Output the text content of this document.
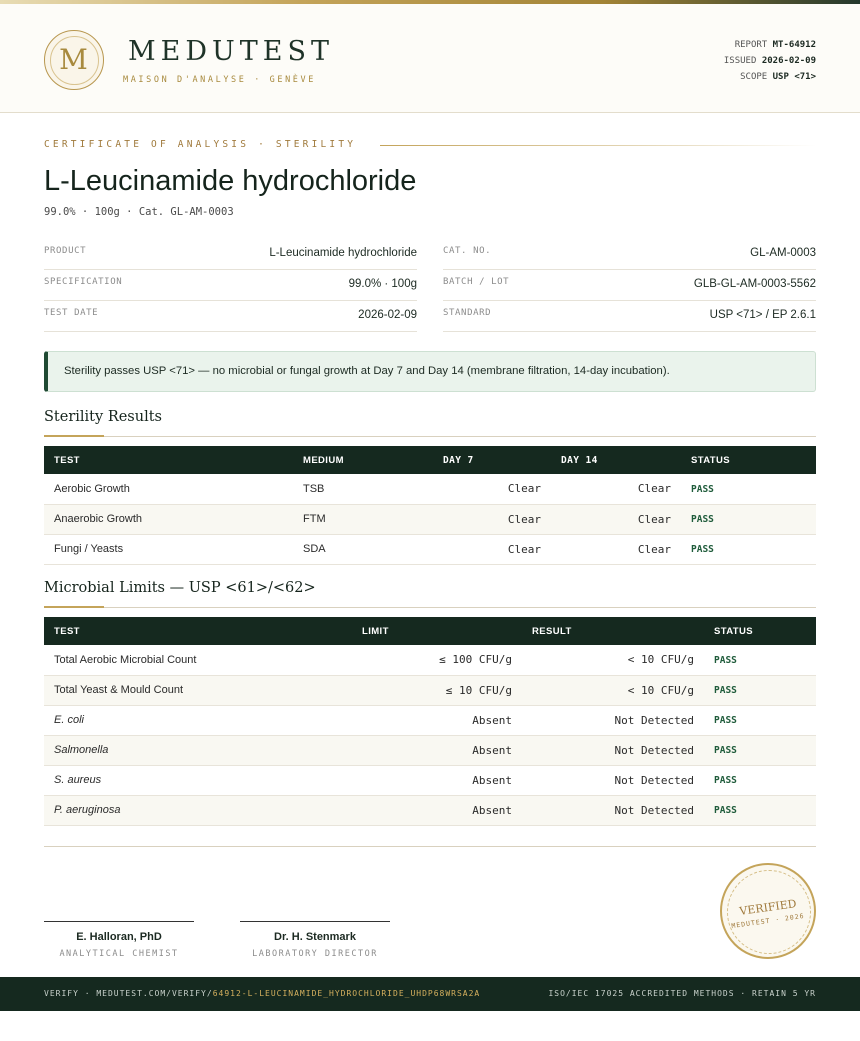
M	MEDUTEST
MAISON D'ANALYSE · GENÈVE
REPORT MT-64912
ISSUED 2026-02-09
SCOPE USP <71>
CERTIFICATE OF ANALYSIS · STERILITY
L-Leucinamide hydrochloride
99.0% · 100g · Cat. GL-AM-0003
PRODUCT	L-Leucinamide hydrochloride
SPECIFICATION	99.0% · 100g
TEST DATE	2026-02-09
CAT. NO.	GL-AM-0003
BATCH / LOT	GLB-GL-AM-0003-5562
STANDARD	USP <71> / EP 2.6.1
Sterility passes USP <71> — no microbial or fungal growth at Day 7 and Day 14 (membrane filtration, 14-day incubation).
Sterility Results
TEST	MEDIUM	DAY 7	DAY 14	STATUS
Aerobic Growth	TSB	Clear	Clear	PASS
Anaerobic Growth	FTM	Clear	Clear	PASS
Fungi / Yeasts	SDA	Clear	Clear	PASS
Microbial Limits — USP <61>/<62>
TEST	LIMIT	RESULT	STATUS
Total Aerobic Microbial Count	≤ 100 CFU/g	< 10 CFU/g	PASS
Total Yeast & Mould Count	≤ 10 CFU/g	< 10 CFU/g	PASS
E. coli	Absent	Not Detected	PASS
Salmonella	Absent	Not Detected	PASS
S. aureus	Absent	Not Detected	PASS
P. aeruginosa	Absent	Not Detected	PASS
E. Halloran, PhD
ANALYTICAL CHEMIST
Dr. H. Stenmark
LABORATORY DIRECTOR
VERIFIED
MEDUTEST · 2026
VERIFY · MEDUTEST.COM/VERIFY/64912-L-LEUCINAMIDE_HYDROCHLORIDE_UHDP68WRSA2A	ISO/IEC 17025 ACCREDITED METHODS · RETAIN 5 YR
